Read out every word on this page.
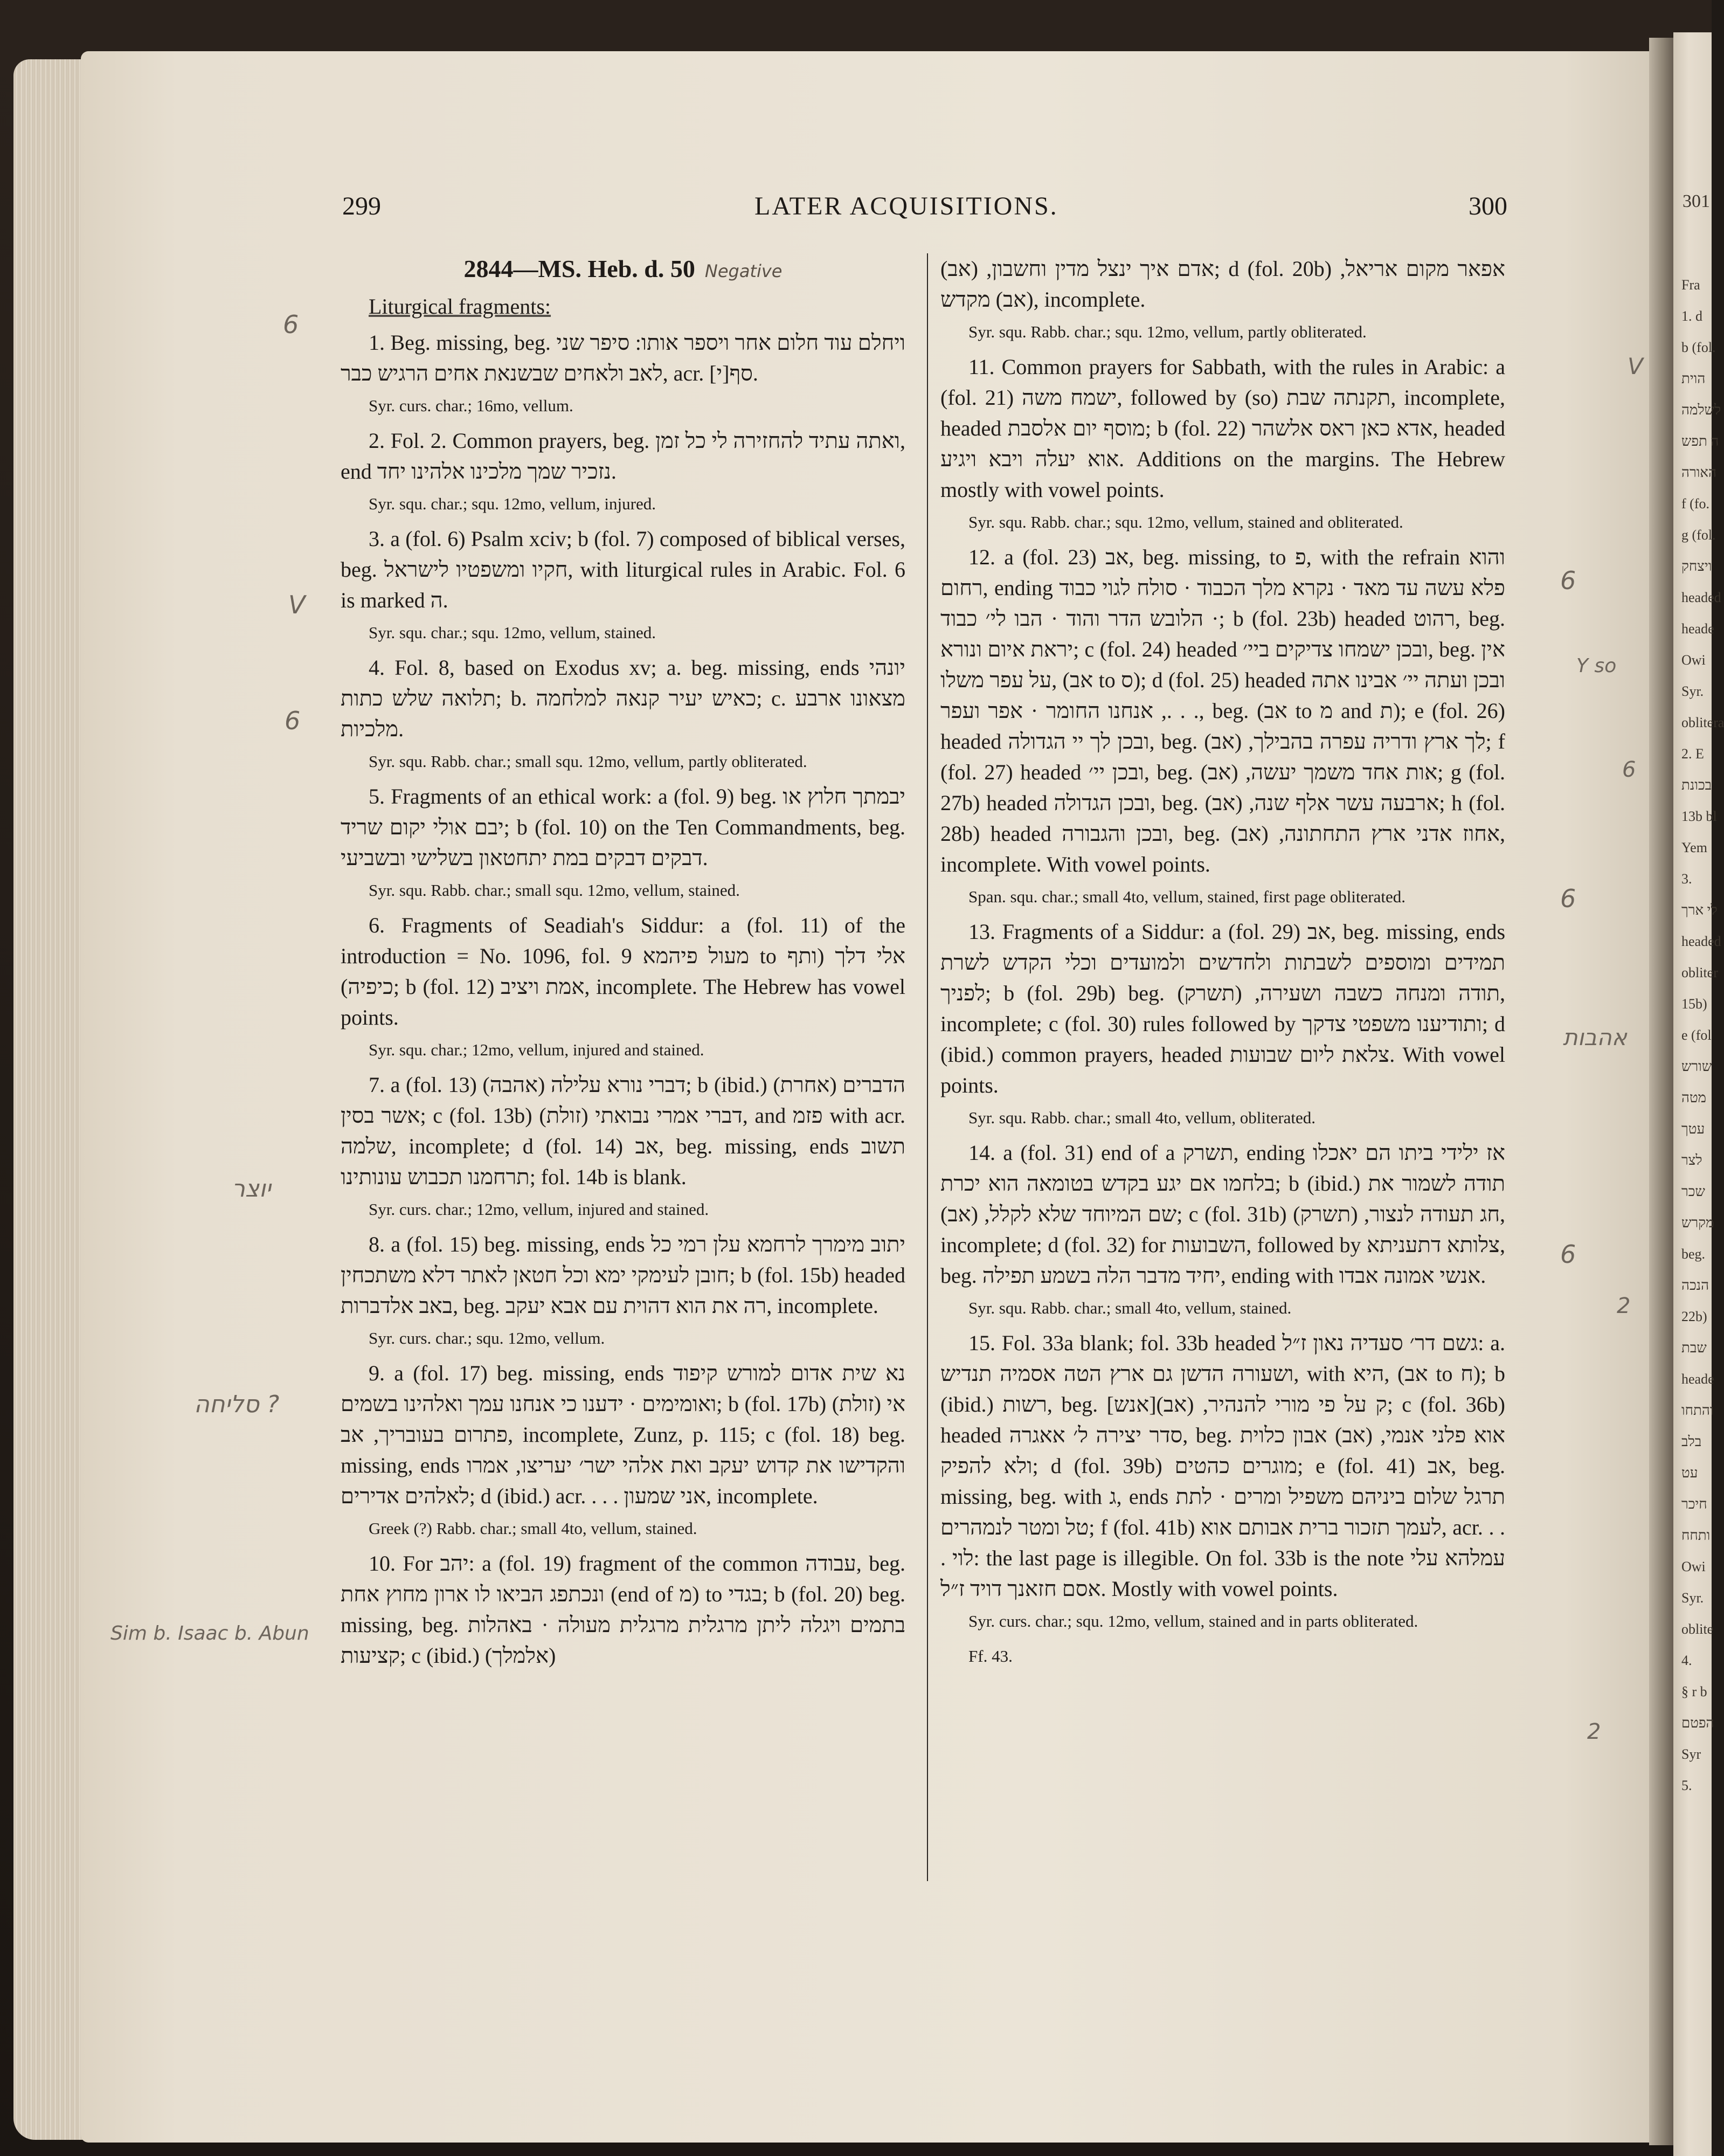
299	LATER ACQUISITIONS.	300
2844—MS. Heb. d. 50 Negative
Liturgical fragments:

1. Beg. missing, beg. ויחלם עוד חלום אחר ויספר אותו: סיפר שני לאב ולאחים שבשנאת אחים הרגיש כבר, acr. [י]סף.

Syr. curs. char.; 16mo, vellum.

2. Fol. 2. Common prayers, beg. ואתה עתיד להחזירה לי כל זמן, end נזכיר שמך מלכינו אלהינו יחד.

Syr. squ. char.; squ. 12mo, vellum, injured.

3. a (fol. 6) Psalm xciv; b (fol. 7) composed of biblical verses, beg. חקיו ומשפטיו לישראל, with liturgical rules in Arabic. Fol. 6 is marked ה.

Syr. squ. char.; squ. 12mo, vellum, stained.

4. Fol. 8, based on Exodus xv; a. beg. missing, ends יונהי תלואה שלש כתות; b. כאיש יעיר קנאה למלחמה; c. מצאונו ארבע מלכיות.

Syr. squ. Rabb. char.; small squ. 12mo, vellum, partly obliterated.

5. Fragments of an ethical work: a (fol. 9) beg. יבמתך חלוץ או יבם אולי יקום שריד; b (fol. 10) on the Ten Commandments, beg. דבקים דבקים במת יתחטאון בשלישי ובשביעי.

Syr. squ. Rabb. char.; small squ. 12mo, vellum, stained.

6. Fragments of Seadiah's Siddur: a (fol. 11) of the introduction = No. 1096, fol. 9 מעול פיהמא to אלי דלך (ותף כיפיה); b (fol. 12) אמת ויציב, incomplete. The Hebrew has vowel points.

Syr. squ. char.; 12mo, vellum, injured and stained.

7. a (fol. 13) (אהבה) דברי נורא עלילה; b (ibid.) (אחרת) הדברים אשר בסין; c (fol. 13b) (זולת) דברי אמרי נבואתי, and פזמ with acr. שלמה, incomplete; d (fol. 14) אב, beg. missing, ends תשוב תרחמנו תכבוש עונותינו; fol. 14b is blank.

Syr. curs. char.; 12mo, vellum, injured and stained.

8. a (fol. 15) beg. missing, ends יתוב מימרך לרחמא עלן רמי כל חובן לעימקי ימא וכל חטאן לאתר דלא משתכחין; b (fol. 15b) headed באב אלדברות, beg. רה את הוא דהוית עם אבא יעקב, incomplete.

Syr. curs. char.; squ. 12mo, vellum.

9. a (fol. 17) beg. missing, ends נא שית אדום למורש קיפוד ואומימים · ידענו כי אנחנו עמך ואלהינו בשמים; b (fol. 17b) (זולת) אי פתרום בעובריך, אב, incomplete, Zunz, p. 115; c (fol. 18) beg. missing, ends והקדישו את קדוש יעקב ואת אלהי ישר׳ יעריצו, אמרו לאלהים אדירים; d (ibid.) acr. . . . אני שמעון, incomplete.

Greek (?) Rabb. char.; small 4to, vellum, stained.

10. For יהב: a (fol. 19) fragment of the common עבודה, beg. ונכתפג הביאו לו ארון מחוץ אחת (end of מ) to בגדי; b (fol. 20) beg. missing, beg. בתמים ויגלה ליתן מרגלית מרגלית מעולה · באהלות קציעות; c (ibid.) (אלמלך)

אדם איך ינצל מדין וחשבון, (אב); d (fol. 20b) אפאר מקום אריאל, (אב) מקדש, incomplete.

Syr. squ. Rabb. char.; squ. 12mo, vellum, partly obliterated.

11. Common prayers for Sabbath, with the rules in Arabic: a (fol. 21) ישמח משה, followed by (so) תקנתה שבת, incomplete, headed מוסף יום אלסבת; b (fol. 22) אדא כאן ראס אלשהר, headed אוא יעלה ויבא ויגיע. Additions on the margins. The Hebrew mostly with vowel points.

Syr. squ. Rabb. char.; squ. 12mo, vellum, stained and obliterated.

12. a (fol. 23) אב, beg. missing, to פ, with the refrain והוא רחום, ending פלא עשה עד מאד · נקרא מלך הכבוד · סולח לגוי כבוד · הלובש הדר והוד · הבו לי׳ כבוד; b (fol. 23b) headed רהוט, beg. יראת איום ונורא; c (fol. 24) headed ובכן ישמחו צדיקים ביי׳, beg. אין על עפר משלו, (אב to ס); d (fol. 25) headed ובכן ועתה יי׳ אבינו אתה . . ., אנחנו החומר · אפר ועפר, beg. (אב to מ and ת); e (fol. 26) headed ובכן לך יי הגדולה, beg. לך ארץ ודריה עפרה בהבילך, (אב); f (fol. 27) headed ובכן יי׳, beg. אות אחד משמך יעשה, (אב); g (fol. 27b) headed ובכן הגדולה, beg. ארבעה עשר אלף שנה, (אב); h (fol. 28b) headed ובכן והגבורה, beg. אחוז אדני ארץ התחתונה, (אב), incomplete. With vowel points.

Span. squ. char.; small 4to, vellum, stained, first page obliterated.

13. Fragments of a Siddur: a (fol. 29) אב, beg. missing, ends תמידים ומוספים לשבתות ולחדשים ולמועדים וכלי הקדש לשרת לפניך; b (fol. 29b) beg. תודה ומנחה כשבה ושעירה, (תשרק), incomplete; c (fol. 30) rules followed by ותודיענו משפטי צדקך; d (ibid.) common prayers, headed צלאת ליום שבועות. With vowel points.

Syr. squ. Rabb. char.; small 4to, vellum, obliterated.

14. a (fol. 31) end of a תשרק, ending אז ילידי ביתו הם יאכלו בלחמו אם יגע בקדש בטומאה הוא יכרת; b (ibid.) תודה לשמור את שם המיוחד שלא לקלל, (אב); c (fol. 31b) חג תעודה לנצור, (תשרק), incomplete; d (fol. 32) for השבועות, followed by צלותא דתעניתא, beg. יחיד מדבר הלה בשמע תפילה, ending with אנשי אמונה אבדו.

Syr. squ. Rabb. char.; small 4to, vellum, stained.

15. Fol. 33a blank; fol. 33b headed גשם דר׳ סעדיה נאון ז״ל: a. ושעורה הדשן גם ארץ הטה אסמיה תנדיש, with היא, (אב to ח); b (ibid.) רשות, beg. [אנש]ק על פי מורי להנהיר, (אב); c (fol. 36b) headed סדר יצירה ל׳ אאגרה, beg. אוא פלני אנמי, (אב) אבון כלוית ולא להפיק; d (fol. 39b) מוגרים כהטים; e (fol. 41) אב, beg. missing, beg. with ג, ends תרגל שלום ביניהם משפיל ומרים · לתת טל ומטר לנמהרים; f (fol. 41b) לעמך תזכור ברית אבותם אוא, acr. . . . לוי: the last page is illegible. On fol. 33b is the note עמלהא עלי אסם חזאנך דויד ז״ל. Mostly with vowel points.

Syr. curs. char.; squ. 12mo, vellum, stained and in parts obliterated.

Ff. 43.
6
V
6
יוצר
סליחה ?
Sim b. Isaac b. Abun
V
6
6
6
Y so
אהבות
6
2
2
301
Fra
1. d
b (fol.
הוית
לשלמה
ה תפש
האורה
f (fo.
g (fol.
ויצחק
headed
heade
Owi
Syr.
oblitera
2. E
בכונת
13b bl
Yem
3.
לי ארך
headed
obliter
15b)
e (fol
שורש
מטה
עטך
לצר
שכר
מקרש
beg.
הנכה
22b)
שבת
heade
והתחו
בלב
עט
חיכר
ותחח
Owi
Syr.
oblite
4.
§ r b
הפטם
Syr
5.
